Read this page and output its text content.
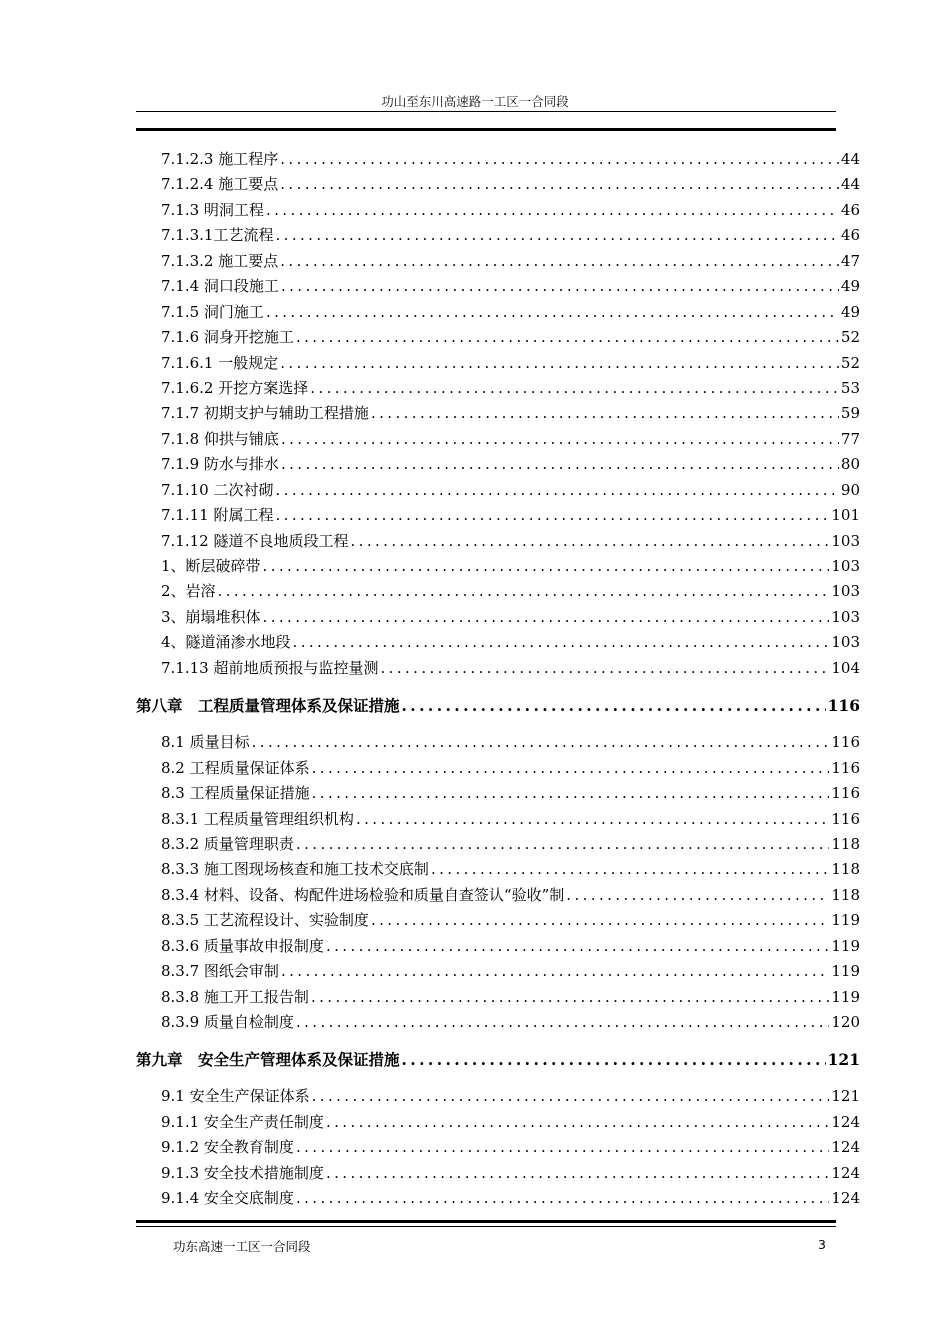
功山至东川高速路一工区一合同段
7.1.2.3 施工程序 .....	44
7.1.2.4 施工要点 .....	44
7.1.3 明洞工程 .....	46
7.1.3.1工艺流程 .....	46
7.1.3.2 施工要点 .....	47
7.1.4 洞口段施工 .....	49
7.1.5 洞门施工 .....	49
7.1.6 洞身开挖施工 .....	52
7.1.6.1 一般规定 .....	52
7.1.6.2 开挖方案选择 .....	53
7.1.7 初期支护与辅助工程措施 .....	59
7.1.8 仰拱与铺底 .....	77
7.1.9 防水与排水 .....	80
7.1.10 二次衬砌 .....	90
7.1.11 附属工程 .....	101
7.1.12 隧道不良地质段工程 .....	103
1、断层破碎带 .....	103
2、岩溶 .....	103
3、崩塌堆积体 .....	103
4、隧道涌渗水地段 .....	103
7.1.13 超前地质预报与监控量测 .....	104
第八章　工程质量管理体系及保证措施 .....	116
8.1 质量目标 .....	116
8.2 工程质量保证体系 .....	116
8.3 工程质量保证措施 .....	116
8.3.1 工程质量管理组织机构 .....	116
8.3.2 质量管理职责 .....	118
8.3.3 施工图现场核查和施工技术交底制 .....	118
8.3.4 材料、设备、构配件进场检验和质量自查签认“验收”制 .....	118
8.3.5 工艺流程设计、实验制度 .....	119
8.3.6 质量事故申报制度 .....	119
8.3.7 图纸会审制 .....	119
8.3.8 施工开工报告制 .....	119
8.3.9 质量自检制度 .....	120
第九章　安全生产管理体系及保证措施 .....	121
9.1 安全生产保证体系 .....	121
9.1.1 安全生产责任制度 .....	124
9.1.2 安全教育制度 .....	124
9.1.3 安全技术措施制度 .....	124
9.1.4 安全交底制度 .....	124
功东高速一工区一合同段	3
